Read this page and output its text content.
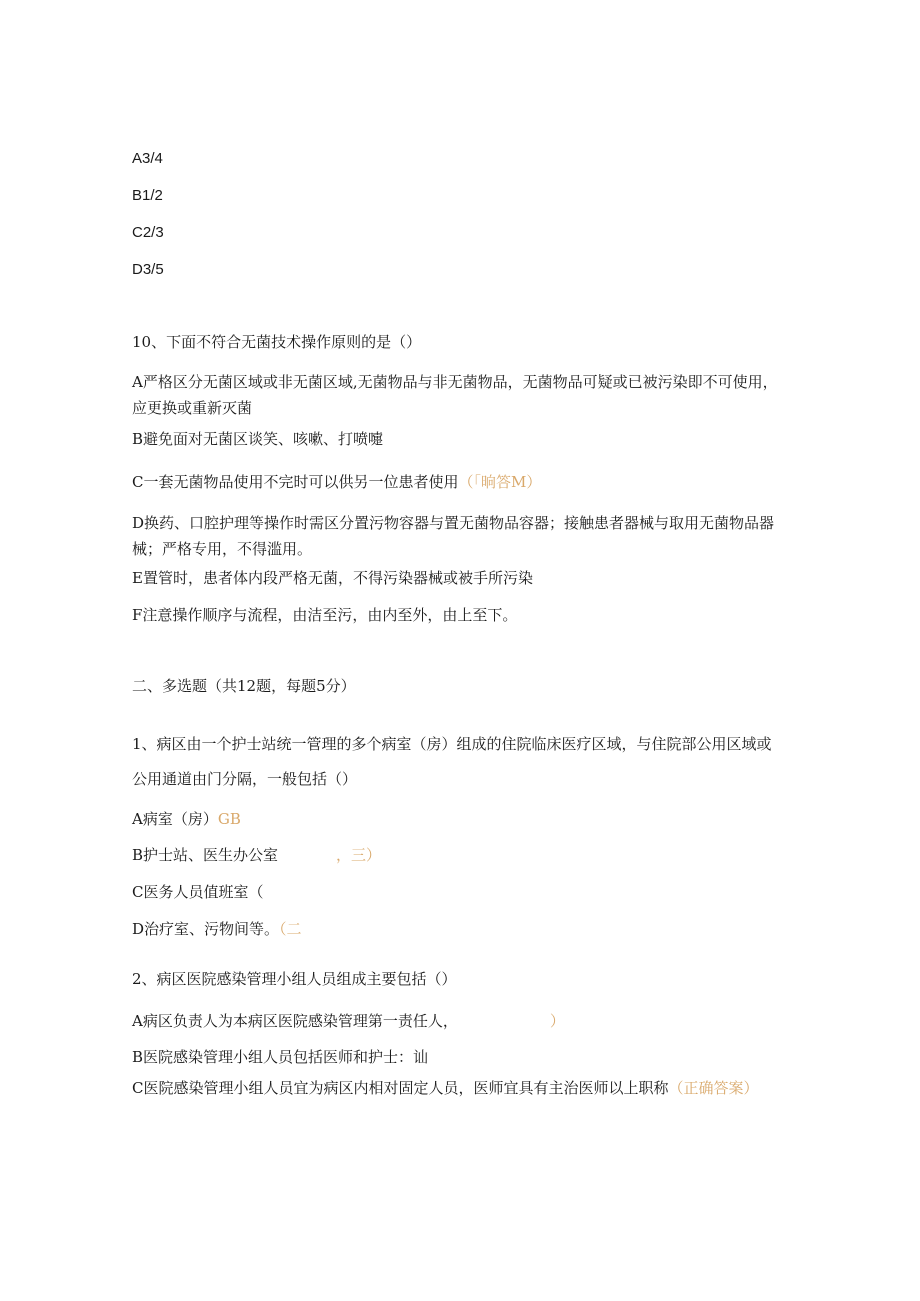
A3/4
B1/2
C2/3
D3/5
10、下面不符合无菌技术操作原则的是（）
A严格区分无菌区域或非无菌区域,无菌物品与非无菌物品，无菌物品可疑或已被污染即不可使用，应更换或重新灭菌
B避免面对无菌区谈笑、咳嗽、打喷嚏
C一套无菌物品使用不完时可以供另一位患者使用（「晌答M）
D换药、口腔护理等操作时需区分置污物容器与置无菌物品容器；接触患者器械与取用无菌物品器械；严格专用，不得滥用。
E置管时，患者体内段严格无菌，不得污染器械或被手所污染
F注意操作顺序与流程，由洁至污，由内至外，由上至下。
二、多选题（共12题，每题5分）
1、病区由一个护士站统一管理的多个病室（房）组成的住院临床医疗区域，与住院部公用区域或公用通道由门分隔，一般包括（）
A病室（房）GB
B护士站、医生办公室	，三）
C医务人员值班室（
D治疗室、污物间等。（二
2、病区医院感染管理小组人员组成主要包括（）
A病区负责人为本病区医院感染管理第一责任人，	）
B医院感染管理小组人员包括医师和护士：讪
C医院感染管理小组人员宜为病区内相对固定人员，医师宜具有主治医师以上职称（正确答案）
